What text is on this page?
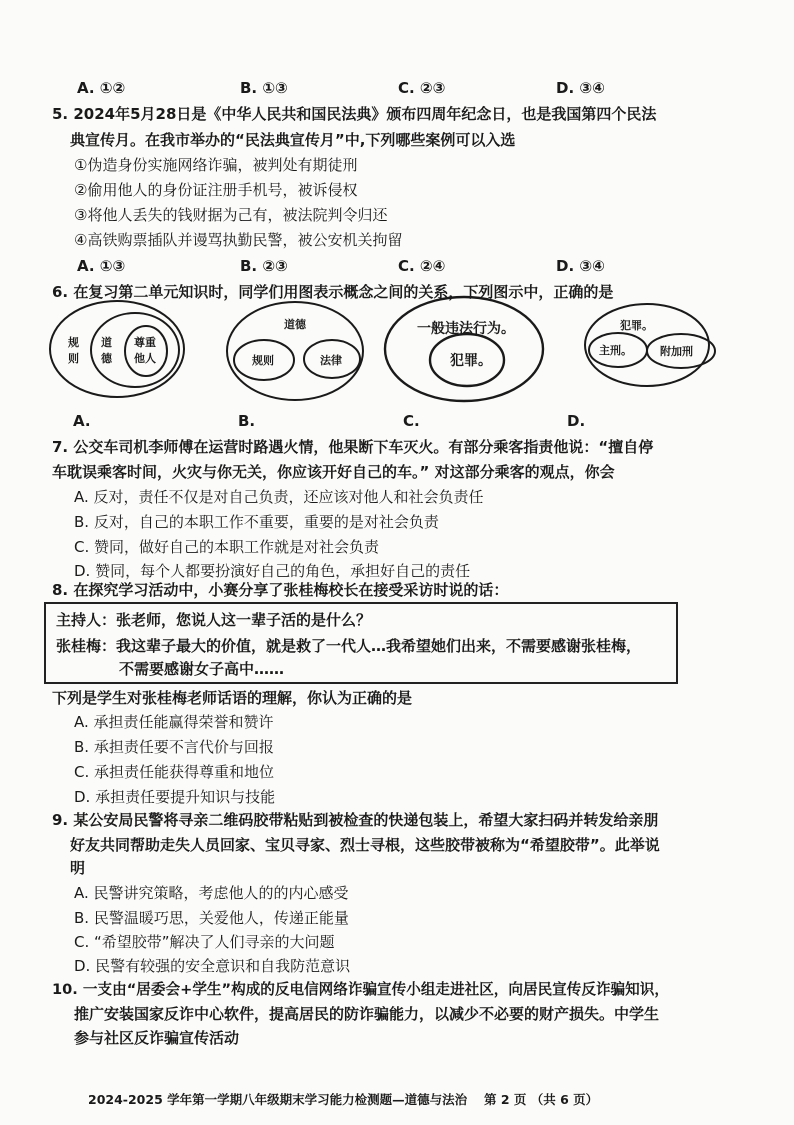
A. ①②	B. ①③	C. ②③	D. ③④
5. 2024年5月28日是《中华人民共和国民法典》颁布四周年纪念日，也是我国第四个民法
典宣传月。在我市举办的“民法典宣传月”中,下列哪些案例可以入选
①伪造身份实施网络诈骗，被判处有期徒刑
②偷用他人的身份证注册手机号，被诉侵权
③将他人丢失的钱财据为己有，被法院判令归还
④高铁购票插队并谩骂执勤民警，被公安机关拘留
A. ①③	B. ②③	C. ②④	D. ③④
6. 在复习第二单元知识时，同学们用图表示概念之间的关系，下列图示中，正确的是
规
则
道
德
尊重
他人
道德
规则	法律
一般违法行为。
犯罪。
犯罪。
主刑。	附加刑
A.	B.	C.	D.
7. 公交车司机李师傅在运营时路遇火情，他果断下车灭火。有部分乘客指责他说：“擅自停
车耽误乘客时间，火灾与你无关，你应该开好自己的车。” 对这部分乘客的观点，你会
A. 反对，责任不仅是对自己负责，还应该对他人和社会负责任
B. 反对，自己的本职工作不重要，重要的是对社会负责
C. 赞同，做好自己的本职工作就是对社会负责
D. 赞同，每个人都要扮演好自己的角色，承担好自己的责任
8. 在探究学习活动中，小赛分享了张桂梅校长在接受采访时说的话：
主持人：张老师，您说人这一辈子活的是什么？
张桂梅：我这辈子最大的价值，就是救了一代人…我希望她们出来，不需要感谢张桂梅，
不需要感谢女子高中……
下列是学生对张桂梅老师话语的理解，你认为正确的是
A. 承担责任能赢得荣誉和赞许
B. 承担责任要不言代价与回报
C. 承担责任能获得尊重和地位
D. 承担责任要提升知识与技能
9. 某公安局民警将寻亲二维码胶带粘贴到被检查的快递包装上，希望大家扫码并转发给亲朋
好友共同帮助走失人员回家、宝贝寻家、烈士寻根，这些胶带被称为“希望胶带”。此举说
明
A. 民警讲究策略，考虑他人的的内心感受
B. 民警温暖巧思，关爱他人，传递正能量
C. “希望胶带”解决了人们寻亲的大问题
D. 民警有较强的安全意识和自我防范意识
10. 一支由“居委会+学生”构成的反电信网络诈骗宣传小组走进社区，向居民宣传反诈骗知识，
推广安装国家反诈中心软件，提高居民的防诈骗能力，以减少不必要的财产损失。中学生
参与社区反诈骗宣传活动
2024-2025 学年第一学期八年级期末学习能力检测题—道德与法治　 第 2 页 （共 6 页）
